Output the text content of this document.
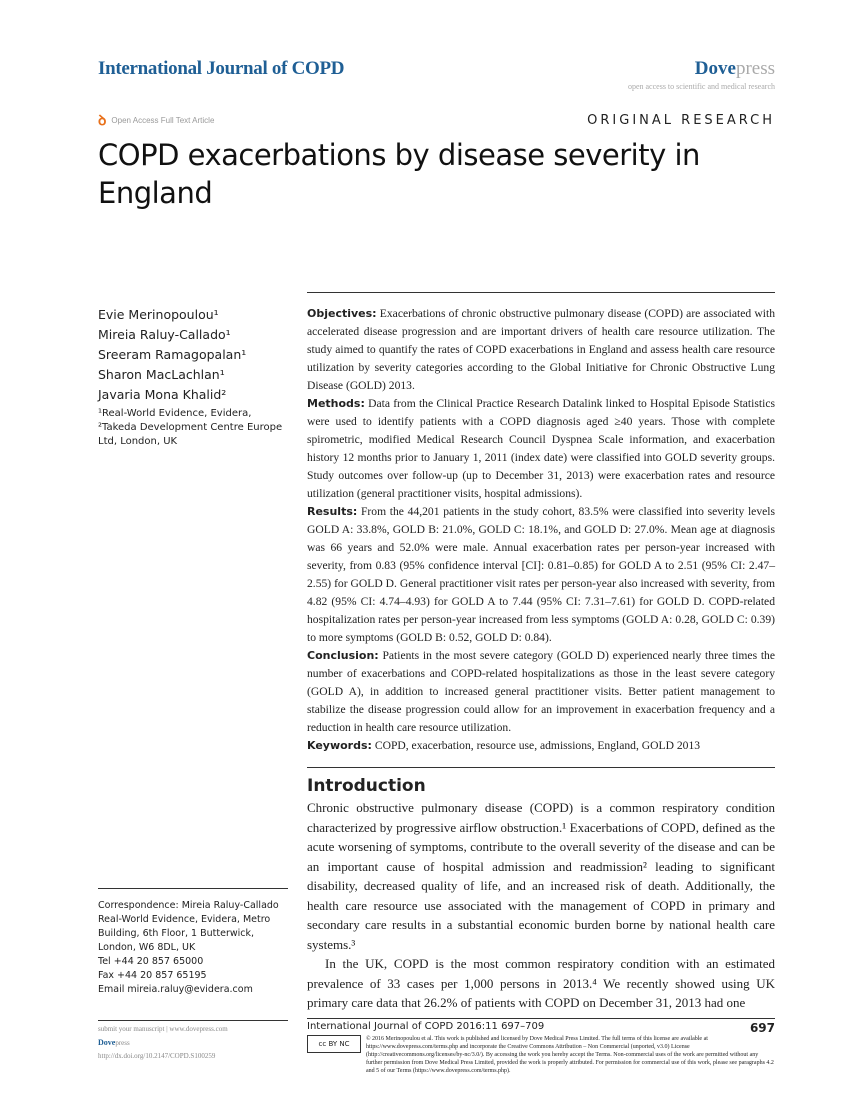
International Journal of COPD	Dovepress
open access to scientific and medical research
ꝺ Open Access Full Text Article	ORIGINAL RESEARCH
COPD exacerbations by disease severity in England
Evie Merinopoulou¹
Mireia Raluy-Callado¹
Sreeram Ramagopalan¹
Sharon MacLachlan¹
Javaria Mona Khalid²
¹Real-World Evidence, Evidera,
²Takeda Development Centre Europe Ltd, London, UK
Correspondence: Mireia Raluy-Callado
Real-World Evidence, Evidera, Metro Building, 6th Floor, 1 Butterwick, London, W6 8DL, UK
Tel +44 20 857 65000
Fax +44 20 857 65195
Email mireia.raluy@evidera.com

Objectives: Exacerbations of chronic obstructive pulmonary disease (COPD) are associated with accelerated disease progression and are important drivers of health care resource utilization. The study aimed to quantify the rates of COPD exacerbations in England and assess health care resource utilization by severity categories according to the Global Initiative for Chronic Obstructive Lung Disease (GOLD) 2013.

Methods: Data from the Clinical Practice Research Datalink linked to Hospital Episode Statistics were used to identify patients with a COPD diagnosis aged ≥40 years. Those with complete spirometric, modified Medical Research Council Dyspnea Scale information, and exacerbation history 12 months prior to January 1, 2011 (index date) were classified into GOLD severity groups. Study outcomes over follow-up (up to December 31, 2013) were exacerbation rates and resource utilization (general practitioner visits, hospital admissions).

Results: From the 44,201 patients in the study cohort, 83.5% were classified into severity levels GOLD A: 33.8%, GOLD B: 21.0%, GOLD C: 18.1%, and GOLD D: 27.0%. Mean age at diagnosis was 66 years and 52.0% were male. Annual exacerbation rates per person-year increased with severity, from 0.83 (95% confidence interval [CI]: 0.81–0.85) for GOLD A to 2.51 (95% CI: 2.47–2.55) for GOLD D. General practitioner visit rates per person-year also increased with severity, from 4.82 (95% CI: 4.74–4.93) for GOLD A to 7.44 (95% CI: 7.31–7.61) for GOLD D. COPD-related hospitalization rates per person-year increased from less symptoms (GOLD A: 0.28, GOLD C: 0.39) to more symptoms (GOLD B: 0.52, GOLD D: 0.84).

Conclusion: Patients in the most severe category (GOLD D) experienced nearly three times the number of exacerbations and COPD-related hospitalizations as those in the least severe category (GOLD A), in addition to increased general practitioner visits. Better patient management to stabilize the disease progression could allow for an improvement in exacerbation frequency and a reduction in health care resource utilization.

Keywords: COPD, exacerbation, resource use, admissions, England, GOLD 2013

Introduction

Chronic obstructive pulmonary disease (COPD) is a common respiratory condition characterized by progressive airflow obstruction.¹ Exacerbations of COPD, defined as the acute worsening of symptoms, contribute to the overall severity of the disease and can be an important cause of hospital admission and readmission² leading to significant disability, decreased quality of life, and an increased risk of death. Additionally, the health care resource use associated with the management of COPD in primary and secondary care results in a substantial economic burden borne by national health care systems.³

In the UK, COPD is the most common respiratory condition with an estimated prevalence of 33 cases per 1,000 persons in 2013.⁴ We recently showed using UK primary care data that 26.2% of patients with COPD on December 31, 2013 had one

submit your manuscript | www.dovepress.com
Dovepress
http://dx.doi.org/10.2147/COPD.S100259
International Journal of COPD 2016:11 697–709	697
cc BY NC
© 2016 Merinopoulou et al. This work is published and licensed by Dove Medical Press Limited. The full terms of this license are available at https://www.dovepress.com/terms.php and incorporate the Creative Commons Attribution – Non Commercial (unported, v3.0) License (http://creativecommons.org/licenses/by-nc/3.0/). By accessing the work you hereby accept the Terms. Non-commercial uses of the work are permitted without any further permission from Dove Medical Press Limited, provided the work is properly attributed. For permission for commercial use of this work, please see paragraphs 4.2 and 5 of our Terms (https://www.dovepress.com/terms.php).
